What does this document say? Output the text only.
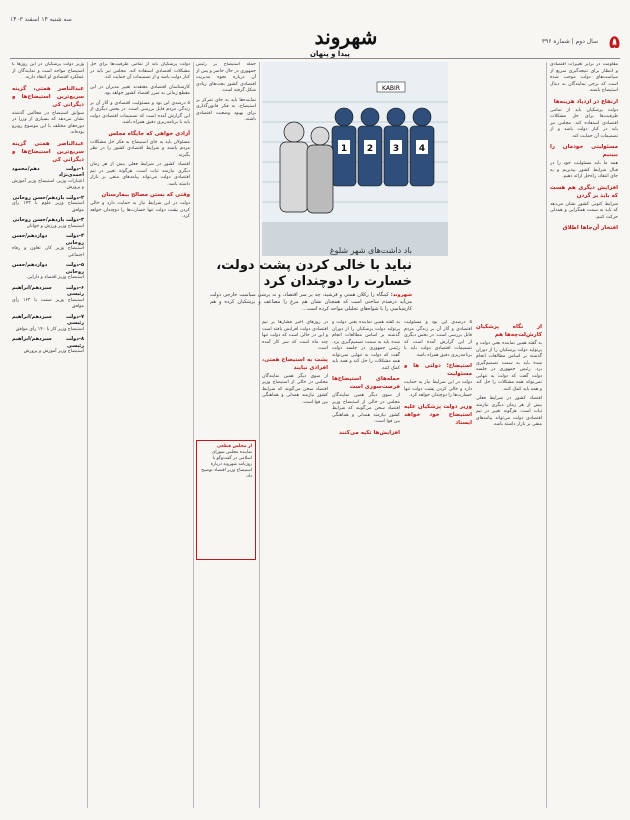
سه شنبه ۱۴ اسفند ۱۴۰۳
شهروند
پیدا و پنهان
سال دوم | شماره ۳۹۶ ۵

وزیر دولت پزشکیان در این روزها با استیضاح مواجه است و نمایندگان از عملکرد اقتصادی او انتقاد دارند.

عبدالناصر همتی، گزینه سریع‌ترین استیضاح‌ها و دیگرانی کی

سوابق استیضاح در مجالس گذشته نشان می‌دهد که بسیاری از وزرا در دوره‌های مختلف با این موضوع روبرو بوده‌اند.

عبدالناصر همتی گزینه سریع‌ترین استیضاح‌ها و دیگرانی کی
۱-دولت دهم/محمود احمدی‌نژاد
اعتبارات وزیر، استیضاح وزیر آموزش و پرورش
۲-دولت یازدهم/حسن روحانی
استیضاح وزیر علوم با ۱۴۳ رأی موافق
۳-دولت یازدهم/حسن روحانی
استیضاح وزیر ورزش و جوانان
۴-دولت دوازدهم/حسن روحانی
استیضاح وزیر کار، تعاون و رفاه اجتماعی
۵-دولت دوازدهم/حسن روحانی
استیضاح وزیر اقتصاد و دارایی
۶-دولت سیزدهم/ابراهیم رئیسی
استیضاح وزیر صمت با ۱۶۲ رأی موافق
۷-دولت سیزدهم/ابراهیم رئیسی
استیضاح وزیر کار با ۱۴۰ رأی موافق
۸-دولت سیزدهم/ابراهیم رئیسی
استیضاح وزیر آموزش و پرورش

دولت پزشکیان باید از تمامی ظرفیت‌ها برای حل مشکلات اقتصادی استفاده کند. مجلس نیز باید در کنار دولت باشد و از تصمیمات آن حمایت کند.

کارشناسان اقتصادی معتقدند تغییر مدیران در این مقطع زمانی به ضرر اقتصاد کشور خواهد بود.

۵ درصدی این بود و مسئولیت اقتصادی و آثار آن بر زندگی مردم قابل بررسی است. در بخش دیگری از این گزارش آمده است که تصمیمات اقتصادی دولت باید با برنامه‌ریزی دقیق همراه باشد.

آزادی خواهی که جایگاه مجلس

مسئولان باید به جای استیضاح به فکر حل مشکلات مردم باشند و شرایط اقتصادی کشور را در نظر بگیرند.

اقتصاد کشور در شرایط فعلی بیش از هر زمان دیگری نیازمند ثبات است. هرگونه تغییر در تیم اقتصادی دولت می‌تواند پیامدهای منفی بر بازار داشته باشد.

وقتی که بستن مصالح بیمارستان

دولت در این شرایط نیاز به حمایت دارد و خالی کردن پشت دولت تنها خسارت‌ها را دوچندان خواهد کرد.

حمله استیضاح بر رئیس جمهوری در حال حاضر و پس از آن درباره نحوه مدیریت اقتصادی کشور بحث‌های زیادی شکل گرفته است.

نماینده‌ها باید به جای تمرکز بر استیضاح، به فکر قانون‌گذاری برای بهبود وضعیت اقتصادی باشند.

از مجلس قطعی
نماینده مجلس شورای اسلامی در گفت‌وگو با روزنامه شهروند درباره استیضاح وزیر اقتصاد توضیح داد.
KABIR
1 2 3 4
باد داشت‌های شهر شلوغ
نباید با خالی کردن پشت دولت، خسارت را دوچندان کرد
شهروند: کینگاه را رکلان همتی و فرشید، چه بر سر اقتصاد، و نه پرشی سیاست خارجی دولت می‌آید درصدم ساختی است که همچنان نشان هم مرغ را مضاعف و پزشکیان کرده و هم کارشناسی را با شواه‌های تحلیلی مواجه کرده است...

در روزهای اخیر فشارها بر تیم اقتصادی دولت افزایش یافته است و این در حالی است که دولت تنها چند ماه است که سر کار آمده است.

پشت به استیضاح همتی، افرادی نبایند

از سوی دیگر همین نمایندگان مجلس در حالی از استیضاح وزیر اقتصاد سخن می‌گویند که شرایط کشور نیازمند همدلی و هماهنگی بین قوا است.

به گفته همین نماینده یعنی دولت و پرتولید دولت پزشکیان را از دوران گذشته بر اساس مطالعات انجام شده باید به سمت تصمیم‌گیری برد. رئیس جمهوری در جلسه دولت گفت که دولت به تنهایی نمی‌تواند همه مشکلات را حل کند و همه باید کمک کنند.

حمله‌های استیضاح‌ها فرصت‌سوزی است

از سوی دیگر همین نمایندگان مجلس در حالی از استیضاح وزیر اقتصاد سخن می‌گویند که شرایط کشور نیازمند همدلی و هماهنگی بین قوا است.

افزایش‌ها تکیه می‌کنند

۵ درصدی این بود و مسئولیت اقتصادی و آثار آن بر زندگی مردم قابل بررسی است. در بخش دیگری از این گزارش آمده است که تصمیمات اقتصادی دولت باید با برنامه‌ریزی دقیق همراه باشد.

استیضاح؛ دولتی ها و مسئولیت

دولت در این شرایط نیاز به حمایت دارد و خالی کردن پشت دولت تنها خسارت‌ها را دوچندان خواهد کرد.

وزیر دولت پزشکیان علیه استیضاح خود خواهد ایستاد
از نگاه پزشکیان کارش‌لت‌چه‌ها هم

به گفته همین نماینده یعنی دولت و پرتولید دولت پزشکیان را از دوران گذشته بر اساس مطالعات انجام شده باید به سمت تصمیم‌گیری برد. رئیس جمهوری در جلسه دولت گفت که دولت به تنهایی نمی‌تواند همه مشکلات را حل کند و همه باید کمک کنند.

اقتصاد کشور در شرایط فعلی بیش از هر زمان دیگری نیازمند ثبات است. هرگونه تغییر در تیم اقتصادی دولت می‌تواند پیامدهای منفی بر بازار داشته باشد.

مقاومت در برابر تغییرات اقتصادی و انتظار برای نتیجه‌گیری سریع از سیاست‌های دولت موجب شده است که برخی نمایندگان به دنبال استیضاح باشند.

ارتفاع در ازدیاد هزینه‌ها

دولت پزشکیان باید از تمامی ظرفیت‌ها برای حل مشکلات اقتصادی استفاده کند. مجلس نیز باید در کنار دولت باشد و از تصمیمات آن حمایت کند.

مسئولیتی خودمان را ببینیم

همه ما باید مسئولیت خود را در قبال شرایط کشور بپذیریم و به جای انتقاد، راه‌حل ارائه دهیم.

افزایش دیگری هم هست که باید بر گردن

شرایط کنونی کشور نشان می‌دهد که باید به سمت همگرایی و همدلی حرکت کنیم.

افتخار آن‌جا‌ها اطلاق
